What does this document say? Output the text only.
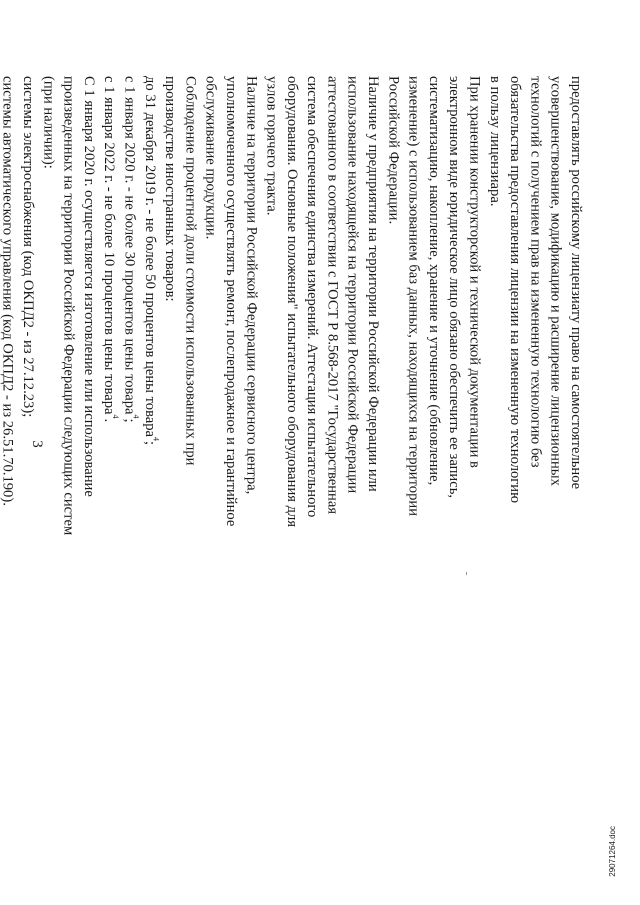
3	предоставлять российскому лицензиату право на самостоятельное
усовершенствование, модификацию и расширение лицензионных
технологий с получением прав на измененную технологию без
обязательства предоставления лицензии на измененную технологию
в пользу лицензиара.
При хранении конструкторской и технической документации в
электронном виде юридическое лицо обязано обеспечить ее запись,
систематизацию, накопление, хранение и уточнение (обновление,
изменение) с использованием баз данных, находящихся на территории
Российской Федерации.
Наличие у предприятия на территории Российской Федерации или
использование находящейся на территории Российской Федерации
аттестованного в соответствии с ГОСТ Р 8.568-2017 "Государственная
система обеспечения единства измерений. Аттестация испытательного
оборудования. Основные положения" испытательного оборудования для
узлов горячего тракта.
Наличие на территории Российской Федерации сервисного центра,
уполномоченного осуществлять ремонт, послепродажное и гарантийное
обслуживание продукции.
Соблюдение процентной доли стоимости использованных при
производстве иностранных товаров:
до 31 декабря 2019 г. - не более 50 процентов цены товара$^4$;
с 1 января 2020 г. - не более 30 процентов цены товара$^4$;
с 1 января 2022 г. - не более 10 процентов цены товара$^4$.
С 1 января 2020 г. осуществляется изготовление или использование
произведенных на территории Российской Федерации следующих систем
(при наличии):
системы электроснабжения (код ОКПД2 - из 27.12.23);
системы автоматического управления (код ОКПД2 - из 26.51.70.190).
29071264.doc
